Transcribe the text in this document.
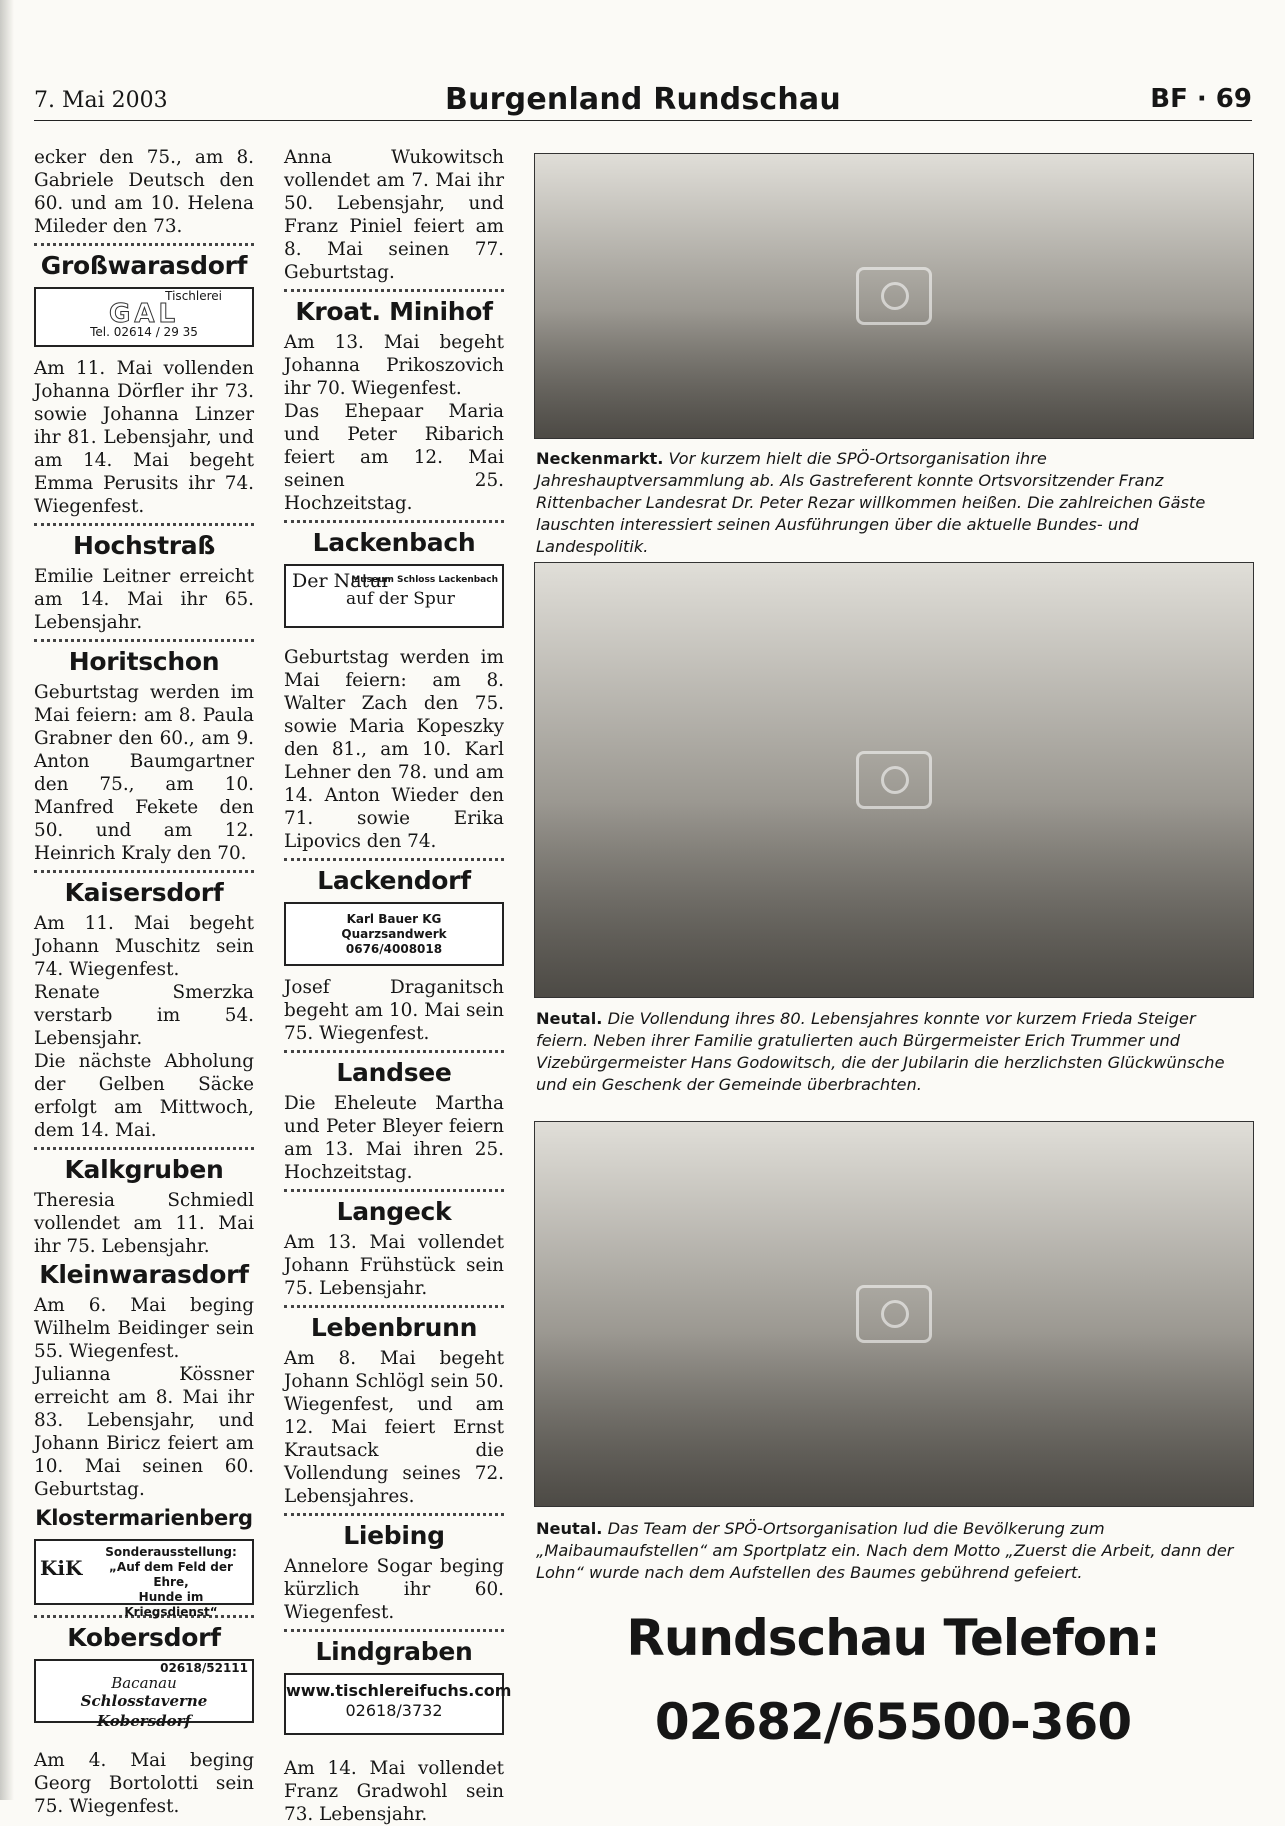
7. Mai 2003	Burgenland Rundschau	BF · 69

ecker den 75., am 8. Gabriele Deutsch den 60. und am 10. Helena Mileder den 73.

Großwarasdorf
Tischlerei
GAL
Tel. 02614 / 29 35

Am 11. Mai vollenden Johanna Dörfler ihr 73. sowie Johanna Linzer ihr 81. Lebensjahr, und am 14. Mai begeht Emma Perusits ihr 74. Wiegenfest.

Hochstraß

Emilie Leitner erreicht am 14. Mai ihr 65. Lebensjahr.

Horitschon

Geburtstag werden im Mai feiern: am 8. Paula Grabner den 60., am 9. Anton Baumgartner den 75., am 10. Manfred Fekete den 50. und am 12. Heinrich Kraly den 70.

Kaisersdorf

Am 11. Mai begeht Johann Muschitz sein 74. Wiegenfest.

Renate Smerzka verstarb im 54. Lebensjahr.

Die nächste Abholung der Gelben Säcke erfolgt am Mittwoch, dem 14. Mai.

Kalkgruben

Theresia Schmiedl vollendet am 11. Mai ihr 75. Lebensjahr.

Kleinwarasdorf

Am 6. Mai beging Wilhelm Beidinger sein 55. Wiegenfest.

Julianna Kössner erreicht am 8. Mai ihr 83. Lebensjahr, und Johann Biricz feiert am 10. Mai seinen 60. Geburtstag.

Klostermarienberg
KiK
Sonderausstellung:
„Auf dem Feld der Ehre,
Hunde im Kriegsdienst“
Kobersdorf
02618/52111
Bacanau
Schlosstaverne Kobersdorf

Am 4. Mai beging Georg Bortolotti sein 75. Wiegenfest.

Anna Wukowitsch vollendet am 7. Mai ihr 50. Lebensjahr, und Franz Piniel feiert am 8. Mai seinen 77. Geburtstag.

Kroat. Minihof

Am 13. Mai begeht Johanna Prikoszovich ihr 70. Wiegenfest.

Das Ehepaar Maria und Peter Ribarich feiert am 12. Mai seinen 25. Hochzeitstag.

Lackenbach
Museum Schloss Lackenbach
Der Natur
auf der Spur

Geburtstag werden im Mai feiern: am 8. Walter Zach den 75. sowie Maria Kopeszky den 81., am 10. Karl Lehner den 78. und am 14. Anton Wieder den 71. sowie Erika Lipovics den 74.

Lackendorf
Karl Bauer KG
Quarzsandwerk
0676/4008018

Josef Draganitsch begeht am 10. Mai sein 75. Wiegenfest.

Landsee

Die Eheleute Martha und Peter Bleyer feiern am 13. Mai ihren 25. Hochzeitstag.

Langeck

Am 13. Mai vollendet Johann Frühstück sein 75. Lebensjahr.

Lebenbrunn

Am 8. Mai begeht Johann Schlögl sein 50. Wiegenfest, und am 12. Mai feiert Ernst Krautsack die Vollendung seines 72. Lebensjahres.

Liebing

Annelore Sogar beging kürzlich ihr 60. Wiegenfest.

Lindgraben
www.tischlereifuchs.com
02618/3732

Am 14. Mai vollendet Franz Gradwohl sein 73. Lebensjahr.

Neckenmarkt. Vor kurzem hielt die SPÖ-Ortsorganisation ihre Jahreshauptversammlung ab. Als Gastreferent konnte Ortsvorsitzender Franz Rittenbacher Landesrat Dr. Peter Rezar willkommen heißen. Die zahlreichen Gäste lauschten interessiert seinen Ausführungen über die aktuelle Bundes- und Landespolitik.
Neutal. Die Vollendung ihres 80. Lebensjahres konnte vor kurzem Frieda Steiger feiern. Neben ihrer Familie gratulierten auch Bürgermeister Erich Trummer und Vizebürgermeister Hans Godowitsch, die der Jubilarin die herzlichsten Glückwünsche und ein Geschenk der Gemeinde überbrachten.
Neutal. Das Team der SPÖ-Ortsorganisation lud die Bevölkerung zum „Maibaumaufstellen“ am Sportplatz ein. Nach dem Motto „Zuerst die Arbeit, dann der Lohn“ wurde nach dem Aufstellen des Baumes gebührend gefeiert.
Rundschau Telefon:
02682/65500-360
